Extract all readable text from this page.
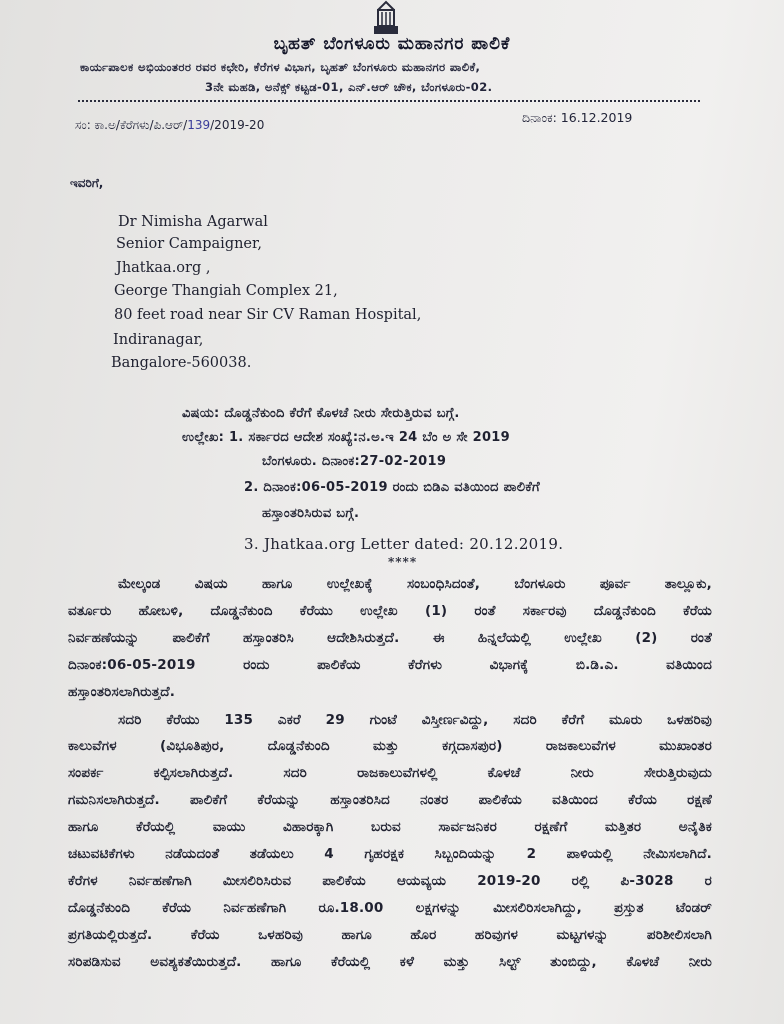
ಬೃಹತ್ ಬೆಂಗಳೂರು ಮಹಾನಗರ ಪಾಲಿಕೆ
ಕಾರ್ಯಪಾಲಕ ಅಭಿಯಂತರರ ರವರ ಕಛೇರಿ, ಕೆರೆಗಳ ವಿಭಾಗ, ಬೃಹತ್ ಬೆಂಗಳೂರು ಮಹಾನಗರ ಪಾಲಿಕೆ,
3ನೇ ಮಹಡಿ, ಅನೆಕ್ಸ್ ಕಟ್ಟಡ-01, ಎನ್.ಆರ್ ಚೌಕ, ಬೆಂಗಳೂರು-02.
ಸಂ: ಕಾ.ಅ/ಕೆರೆಗಳು/ಪಿ.ಆರ್/139/2019-20	ದಿನಾಂಕ: 16.12.2019
ಇವರಿಗೆ,
Dr Nimisha Agarwal
Senior Campaigner,
Jhatkaa.org ,
George Thangiah Complex 21,
80 feet road near Sir CV Raman Hospital,
Indiranagar,
Bangalore-560038.
ವಿಷಯ: ದೊಡ್ಡನೆಕುಂದಿ ಕೆರೆಗೆ ಕೊಳಚೆ ನೀರು ಸೇರುತ್ತಿರುವ ಬಗ್ಗೆ.
ಉಲ್ಲೇಖ: 1. ಸರ್ಕಾರದ ಆದೇಶ ಸಂಖ್ಯೆ:ನ.ಅ.ಇ 24 ಬೆಂ ಅ ಸೇ 2019
ಬೆಂಗಳೂರು. ದಿನಾಂಕ:27-02-2019
2. ದಿನಾಂಕ:06-05-2019 ರಂದು ಬಿಡಿಎ ವತಿಯಿಂದ ಪಾಲಿಕೆಗೆ
ಹಸ್ತಾಂತರಿಸಿರುವ ಬಗ್ಗೆ.
3. Jhatkaa.org Letter dated: 20.12.2019.
****
ಮೇಲ್ಕಂಡ ವಿಷಯ ಹಾಗೂ ಉಲ್ಲೇಖಕ್ಕೆ ಸಂಬಂಧಿಸಿದಂತೆ, ಬೆಂಗಳೂರು ಪೂರ್ವ ತಾಲ್ಲೂಕು,
ವರ್ತೂರು ಹೋಬಳಿ, ದೊಡ್ಡನೆಕುಂದಿ ಕೆರೆಯು ಉಲ್ಲೇಖ (1) ರಂತೆ ಸರ್ಕಾರವು ದೊಡ್ಡನೆಕುಂದಿ ಕೆರೆಯ
ನಿರ್ವಹಣೆಯನ್ನು ಪಾಲಿಕೆಗೆ ಹಸ್ತಾಂತರಿಸಿ ಆದೇಶಿಸಿರುತ್ತದೆ. ಈ ಹಿನ್ನಲೆಯಲ್ಲಿ ಉಲ್ಲೇಖ (2) ರಂತೆ
ದಿನಾಂಕ:06-05-2019 ರಂದು ಪಾಲಿಕೆಯ ಕೆರೆಗಳು ವಿಭಾಗಕ್ಕೆ ಬಿ.ಡಿ.ಎ. ವತಿಯಿಂದ
ಹಸ್ತಾಂತರಿಸಲಾಗಿರುತ್ತದೆ.
ಸದರಿ ಕೆರೆಯು 135 ಎಕರೆ 29 ಗುಂಟೆ ವಿಸ್ತೀರ್ಣವಿದ್ದು, ಸದರಿ ಕೆರೆಗೆ ಮೂರು ಒಳಹರಿವು
ಕಾಲುವೆಗಳ (ವಿಭೂತಿಪುರ, ದೊಡ್ಡನೆಕುಂದಿ ಮತ್ತು ಕಗ್ಗದಾಸಪುರ) ರಾಜಕಾಲುವೆಗಳ ಮುಖಾಂತರ
ಸಂಪರ್ಕ ಕಲ್ಪಿಸಲಾಗಿರುತ್ತದೆ. ಸದರಿ ರಾಜಕಾಲುವೆಗಳಲ್ಲಿ ಕೊಳಚೆ ನೀರು ಸೇರುತ್ತಿರುವುದು
ಗಮನಿಸಲಾಗಿರುತ್ತದೆ. ಪಾಲಿಕೆಗೆ ಕೆರೆಯನ್ನು ಹಸ್ತಾಂತರಿಸಿದ ನಂತರ ಪಾಲಿಕೆಯ ವತಿಯಿಂದ ಕೆರೆಯ ರಕ್ಷಣೆ
ಹಾಗೂ ಕೆರೆಯಲ್ಲಿ ವಾಯು ವಿಹಾರಕ್ಕಾಗಿ ಬರುವ ಸಾರ್ವಜನಿಕರ ರಕ್ಷಣೆಗೆ ಮತ್ತಿತರ ಅನೈತಿಕ
ಚಟುವಟಿಕೆಗಳು ನಡೆಯದಂತೆ ತಡೆಯಲು 4 ಗೃಹರಕ್ಷಕ ಸಿಬ್ಬಂದಿಯನ್ನು 2 ಪಾಳಿಯಲ್ಲಿ ನೇಮಿಸಲಾಗಿದೆ.
ಕೆರೆಗಳ ನಿರ್ವಹಣೆಗಾಗಿ ಮೀಸಲಿರಿಸಿರುವ ಪಾಲಿಕೆಯ ಆಯವ್ಯಯ 2019-20 ರಲ್ಲಿ ಪಿ-3028 ರ
ದೊಡ್ಡನೆಕುಂದಿ ಕೆರೆಯ ನಿರ್ವಹಣೆಗಾಗಿ ರೂ.18.00 ಲಕ್ಷಗಳನ್ನು ಮೀಸಲಿರಿಸಲಾಗಿದ್ದು, ಪ್ರಸ್ತುತ ಟೆಂಡರ್
ಪ್ರಗತಿಯಲ್ಲಿರುತ್ತದೆ. ಕೆರೆಯ ಒಳಹರಿವು ಹಾಗೂ ಹೊರ ಹರಿವುಗಳ ಮಟ್ಟಗಳನ್ನು ಪರಿಶೀಲಿಸಲಾಗಿ
ಸರಿಪಡಿಸುವ ಅವಶ್ಯಕತೆಯಿರುತ್ತದೆ. ಹಾಗೂ ಕೆರೆಯಲ್ಲಿ ಕಳೆ ಮತ್ತು ಸಿಲ್ಟ್ ತುಂಬಿದ್ದು, ಕೊಳಚೆ ನೀರು
